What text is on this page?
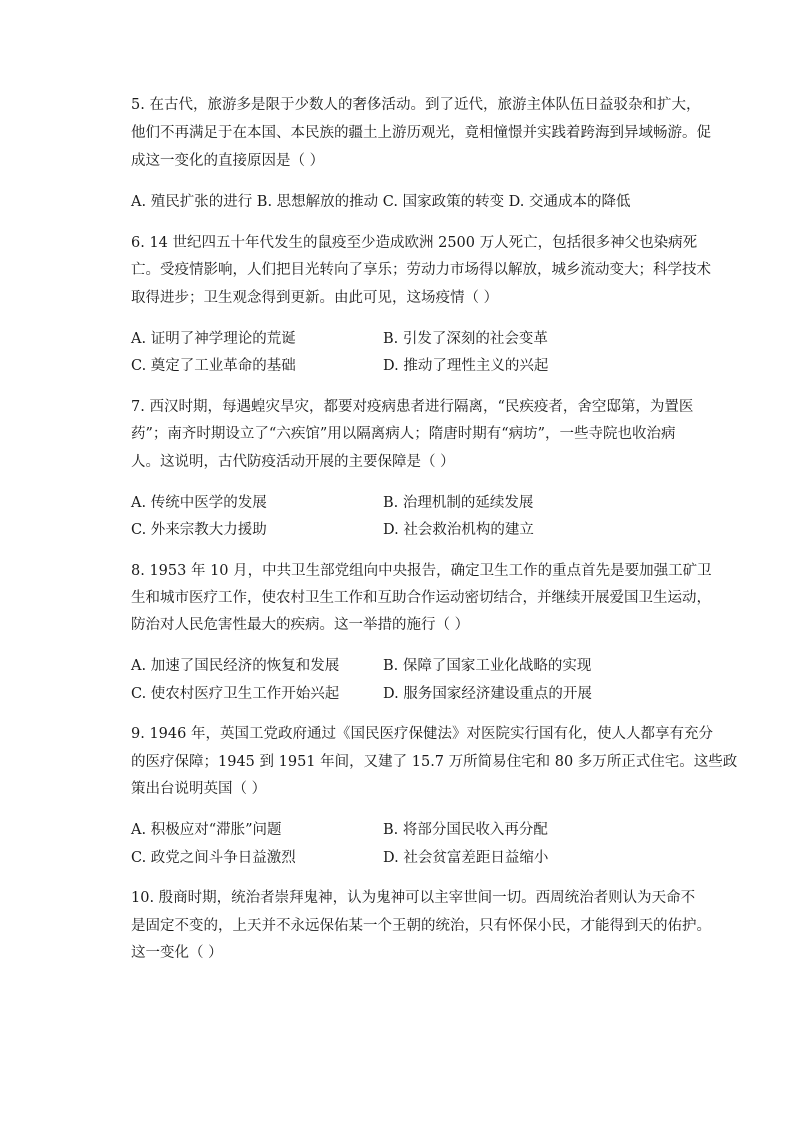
5. 在古代，旅游多是限于少数人的奢侈活动。到了近代，旅游主体队伍日益驳杂和扩大，
他们不再满足于在本国、本民族的疆土上游历观光，竟相憧憬并实践着跨海到异域畅游。促
成这一变化的直接原因是（ ）
A. 殖民扩张的进行 B. 思想解放的推动 C. 国家政策的转变 D. 交通成本的降低
6. 14 世纪四五十年代发生的鼠疫至少造成欧洲 2500 万人死亡，包括很多神父也染病死
亡。受疫情影响，人们把目光转向了享乐；劳动力市场得以解放，城乡流动变大；科学技术
取得进步；卫生观念得到更新。由此可见，这场疫情（ ）
A. 证明了神学理论的荒诞	B. 引发了深刻的社会变革
C. 奠定了工业革命的基础	D. 推动了理性主义的兴起
7. 西汉时期，每遇蝗灾旱灾，都要对疫病患者进行隔离，“民疾疫者，舍空邸第，为置医
药”；南齐时期设立了“六疾馆”用以隔离病人；隋唐时期有“病坊”，一些寺院也收治病
人。这说明，古代防疫活动开展的主要保障是（ ）
A. 传统中医学的发展	B. 治理机制的延续发展
C. 外来宗教大力援助	D. 社会救治机构的建立
8. 1953 年 10 月，中共卫生部党组向中央报告，确定卫生工作的重点首先是要加强工矿卫
生和城市医疗工作，使农村卫生工作和互助合作运动密切结合，并继续开展爱国卫生运动，
防治对人民危害性最大的疾病。这一举措的施行（ ）
A. 加速了国民经济的恢复和发展	B. 保障了国家工业化战略的实现
C. 使农村医疗卫生工作开始兴起	D. 服务国家经济建设重点的开展
9. 1946 年，英国工党政府通过《国民医疗保健法》对医院实行国有化，使人人都享有充分
的医疗保障；1945 到 1951 年间，又建了 15.7 万所简易住宅和 80 多万所正式住宅。这些政
策出台说明英国（ ）
A. 积极应对“滞胀”问题	B. 将部分国民收入再分配
C. 政党之间斗争日益激烈	D. 社会贫富差距日益缩小
10. 殷商时期，统治者崇拜鬼神，认为鬼神可以主宰世间一切。西周统治者则认为天命不
是固定不变的，上天并不永远保佑某一个王朝的统治，只有怀保小民，才能得到天的佑护。
这一变化（ ）
